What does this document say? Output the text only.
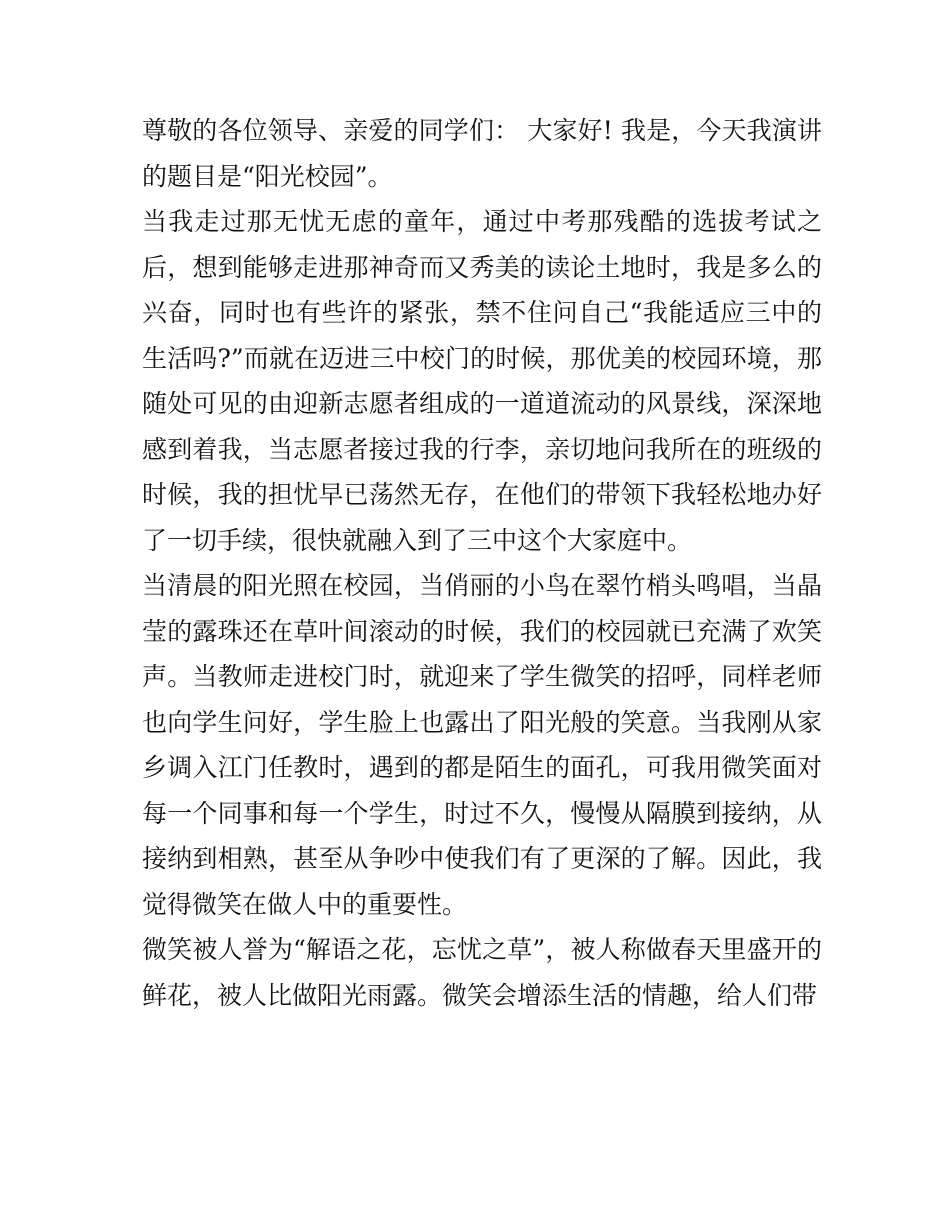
尊敬的各位领导、亲爱的同学们： 大家好! 我是，今天我演讲的题目是“阳光校园”。

当我走过那无忧无虑的童年，通过中考那残酷的选拔考试之后，想到能够走进那神奇而又秀美的读论土地时，我是多么的兴奋，同时也有些许的紧张，禁不住问自己“我能适应三中的生活吗?”而就在迈进三中校门的时候，那优美的校园环境，那随处可见的由迎新志愿者组成的一道道流动的风景线，深深地感到着我，当志愿者接过我的行李，亲切地问我所在的班级的时候，我的担忧早已荡然无存，在他们的带领下我轻松地办好了一切手续，很快就融入到了三中这个大家庭中。

当清晨的阳光照在校园，当俏丽的小鸟在翠竹梢头鸣唱，当晶莹的露珠还在草叶间滚动的时候，我们的校园就已充满了欢笑声。当教师走进校门时，就迎来了学生微笑的招呼，同样老师也向学生问好，学生脸上也露出了阳光般的笑意。当我刚从家乡调入江门任教时，遇到的都是陌生的面孔，可我用微笑面对每一个同事和每一个学生，时过不久，慢慢从隔膜到接纳，从接纳到相熟，甚至从争吵中使我们有了更深的了解。因此，我觉得微笑在做人中的重要性。

微笑被人誉为“解语之花，忘忧之草”，被人称做春天里盛开的鲜花，被人比做阳光雨露。微笑会增添生活的情趣，给人们带
